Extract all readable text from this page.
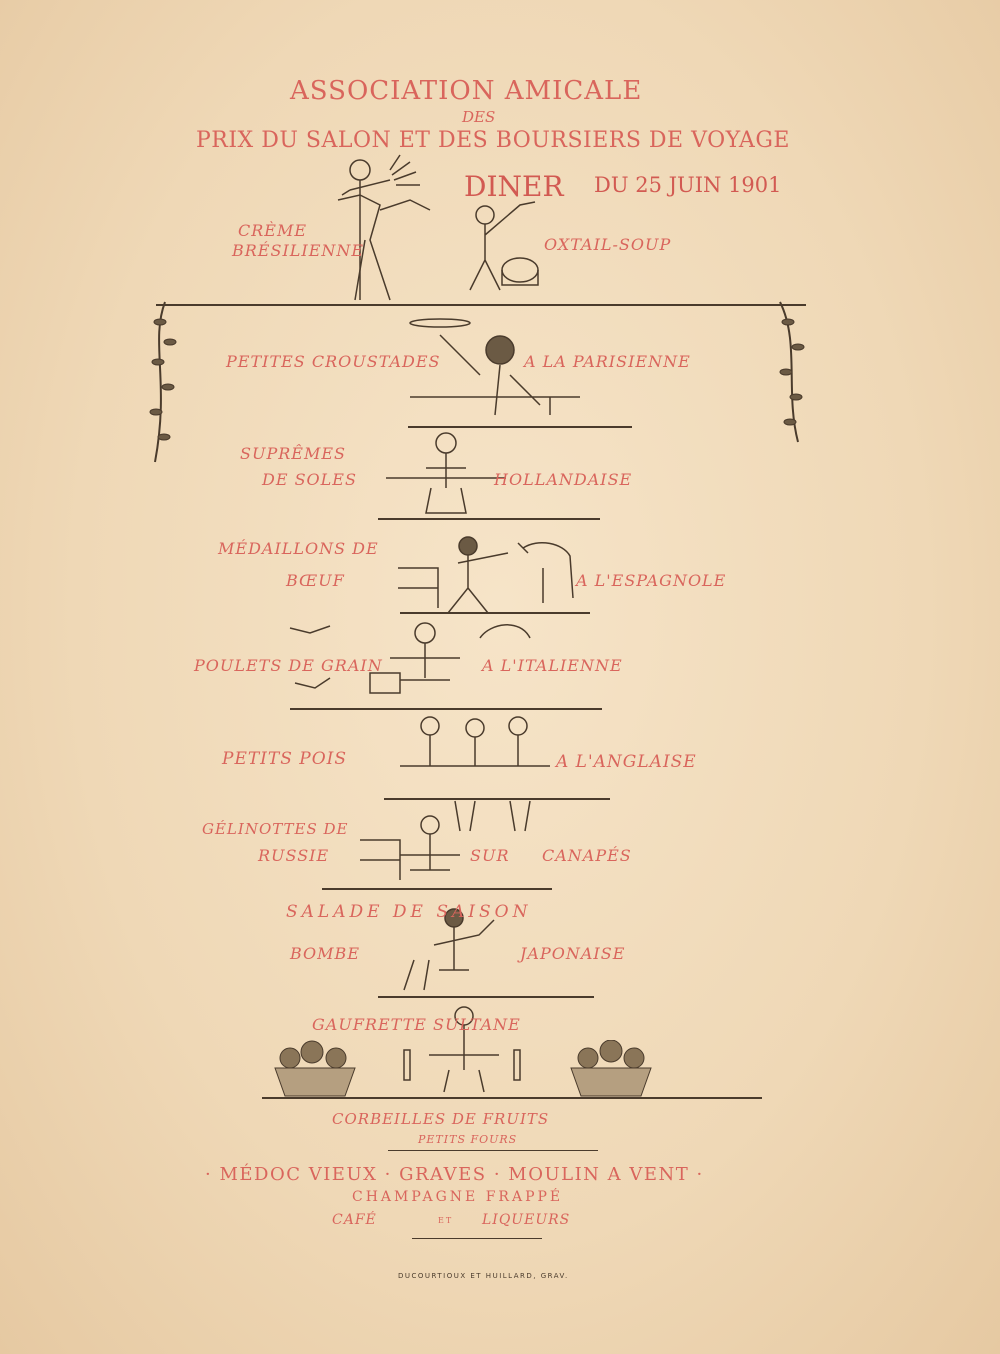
ASSOCIATION AMICALE
DES
PRIX DU SALON ET DES BOURSIERS DE VOYAGE
DINER DU 25 JUIN 1901
CRÈME
BRÉSILIENNE	OXTAIL-SOUP
PETITES CROUSTADES	A LA PARISIENNE
SUPRÊMES
DE SOLES	HOLLANDAISE
MÉDAILLONS DE
BŒUF	A L'ESPAGNOLE
POULETS DE GRAIN	A L'ITALIENNE
PETITS POIS	A L'ANGLAISE
GÉLINOTTES DE
RUSSIE	SUR CANAPÉS
SALADE DE SAISON
BOMBE	JAPONAISE
GAUFRETTE SULTANE
CORBEILLES DE FRUITS
PETITS FOURS
· MÉDOC VIEUX · GRAVES · MOULIN A VENT ·
CHAMPAGNE FRAPPÉ
CAFÉ	ET LIQUEURS
DUCOURTIOUX ET HUILLARD, GRAV.
